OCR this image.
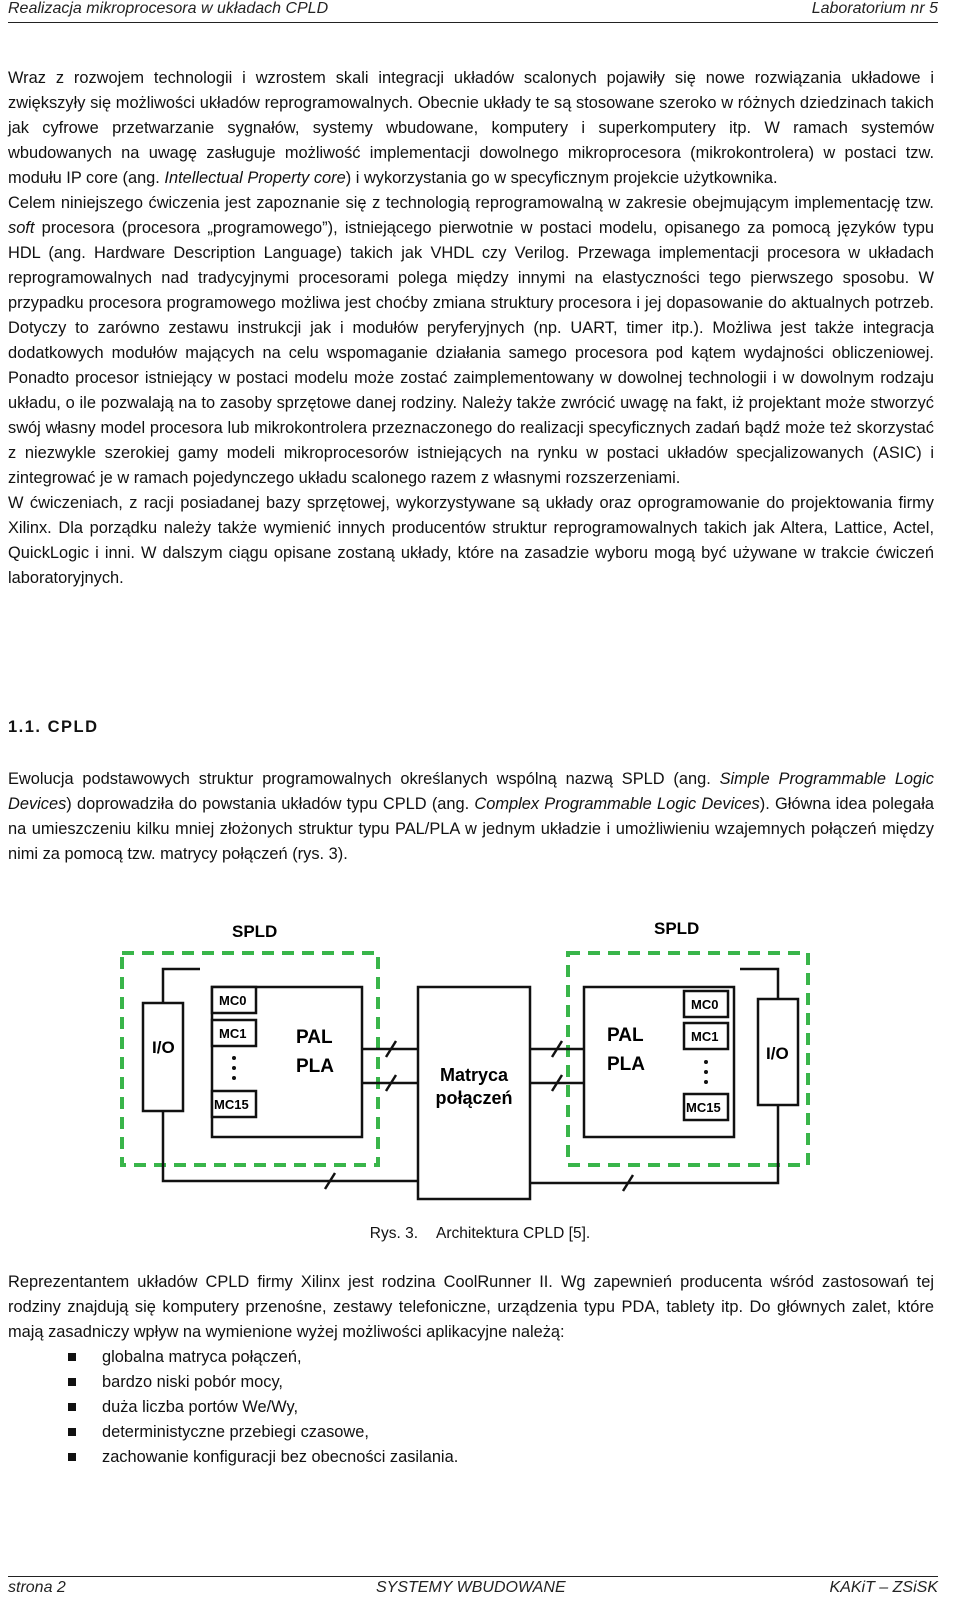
Realizacja mikroprocesora w układach CPLD	Laboratorium nr 5

Wraz z rozwojem technologii i wzrostem skali integracji układów scalonych pojawiły się nowe rozwiązania układowe i zwiększyły się możliwości układów reprogramowalnych. Obecnie układy te są stosowane szeroko w różnych dziedzinach takich jak cyfrowe przetwarzanie sygnałów, systemy wbudowane, komputery i superkomputery itp. W ramach systemów wbudowanych na uwagę zasługuje możliwość implementacji dowolnego mikroprocesora (mikrokontrolera) w postaci tzw. modułu IP core (ang. Intellectual Property core) i wykorzystania go w specyficznym projekcie użytkownika.

Celem niniejszego ćwiczenia jest zapoznanie się z technologią reprogramowalną w zakresie obejmującym implementację tzw. soft procesora (procesora „programowego”), istniejącego pierwotnie w postaci modelu, opisanego za pomocą języków typu HDL (ang. Hardware Description Language) takich jak VHDL czy Verilog. Przewaga implementacji procesora w układach reprogramowalnych nad tradycyjnymi procesorami polega między innymi na elastyczności tego pierwszego sposobu. W przypadku procesora programowego możliwa jest choćby zmiana struktury procesora i jej dopasowanie do aktualnych potrzeb. Dotyczy to zarówno zestawu instrukcji jak i modułów peryferyjnych (np. UART, timer itp.). Możliwa jest także integracja dodatkowych modułów mających na celu wspomaganie działania samego procesora pod kątem wydajności obliczeniowej. Ponadto procesor istniejący w postaci modelu może zostać zaimplementowany w dowolnej technologii i w dowolnym rodzaju układu, o ile pozwalają na to zasoby sprzętowe danej rodziny. Należy także zwrócić uwagę na fakt, iż projektant może stworzyć swój własny model procesora lub mikrokontrolera przeznaczonego do realizacji specyficznych zadań bądź może też skorzystać z niezwykle szerokiej gamy modeli mikroprocesorów istniejących na rynku w postaci układów specjalizowanych (ASIC) i zintegrować je w ramach pojedynczego układu scalonego razem z własnymi rozszerzeniami.

W ćwiczeniach, z racji posiadanej bazy sprzętowej, wykorzystywane są układy oraz oprogramowanie do projektowania firmy Xilinx. Dla porządku należy także wymienić innych producentów struktur reprogramowalnych takich jak Altera, Lattice, Actel, QuickLogic i inni. W dalszym ciągu opisane zostaną układy, które na zasadzie wyboru mogą być używane w trakcie ćwiczeń laboratoryjnych.

1.1. CPLD
Ewolucja podstawowych struktur programowalnych określanych wspólną nazwą SPLD (ang. Simple Programmable Logic Devices) doprowadziła do powstania układów typu CPLD (ang. Complex Programmable Logic Devices). Główna idea polegała na umieszczeniu kilku mniej złożonych struktur typu PAL/PLA w jednym układzie i umożliwieniu wzajemnych połączeń między nimi za pomocą tzw. matrycy połączeń (rys. 3).
SPLD	SPLD
I/O
MC0
MC1
MC15
PAL
PLA	Matryca
połączeń
MC0
MC1
MC15
PAL
PLA
I/O
Rys. 3. Architektura CPLD [5].
Reprezentantem układów CPLD firmy Xilinx jest rodzina CoolRunner II. Wg zapewnień producenta wśród zastosowań tej rodziny znajdują się komputery przenośne, zestawy telefoniczne, urządzenia typu PDA, tablety itp. Do głównych zalet, które mają zasadniczy wpływ na wymienione wyżej możliwości aplikacyjne należą:
globalna matryca połączeń,
bardzo niski pobór mocy,
duża liczba portów We/Wy,
deterministyczne przebiegi czasowe,
zachowanie konfiguracji bez obecności zasilania.
strona 2	SYSTEMY WBUDOWANE	KAKiT – ZSiSK
